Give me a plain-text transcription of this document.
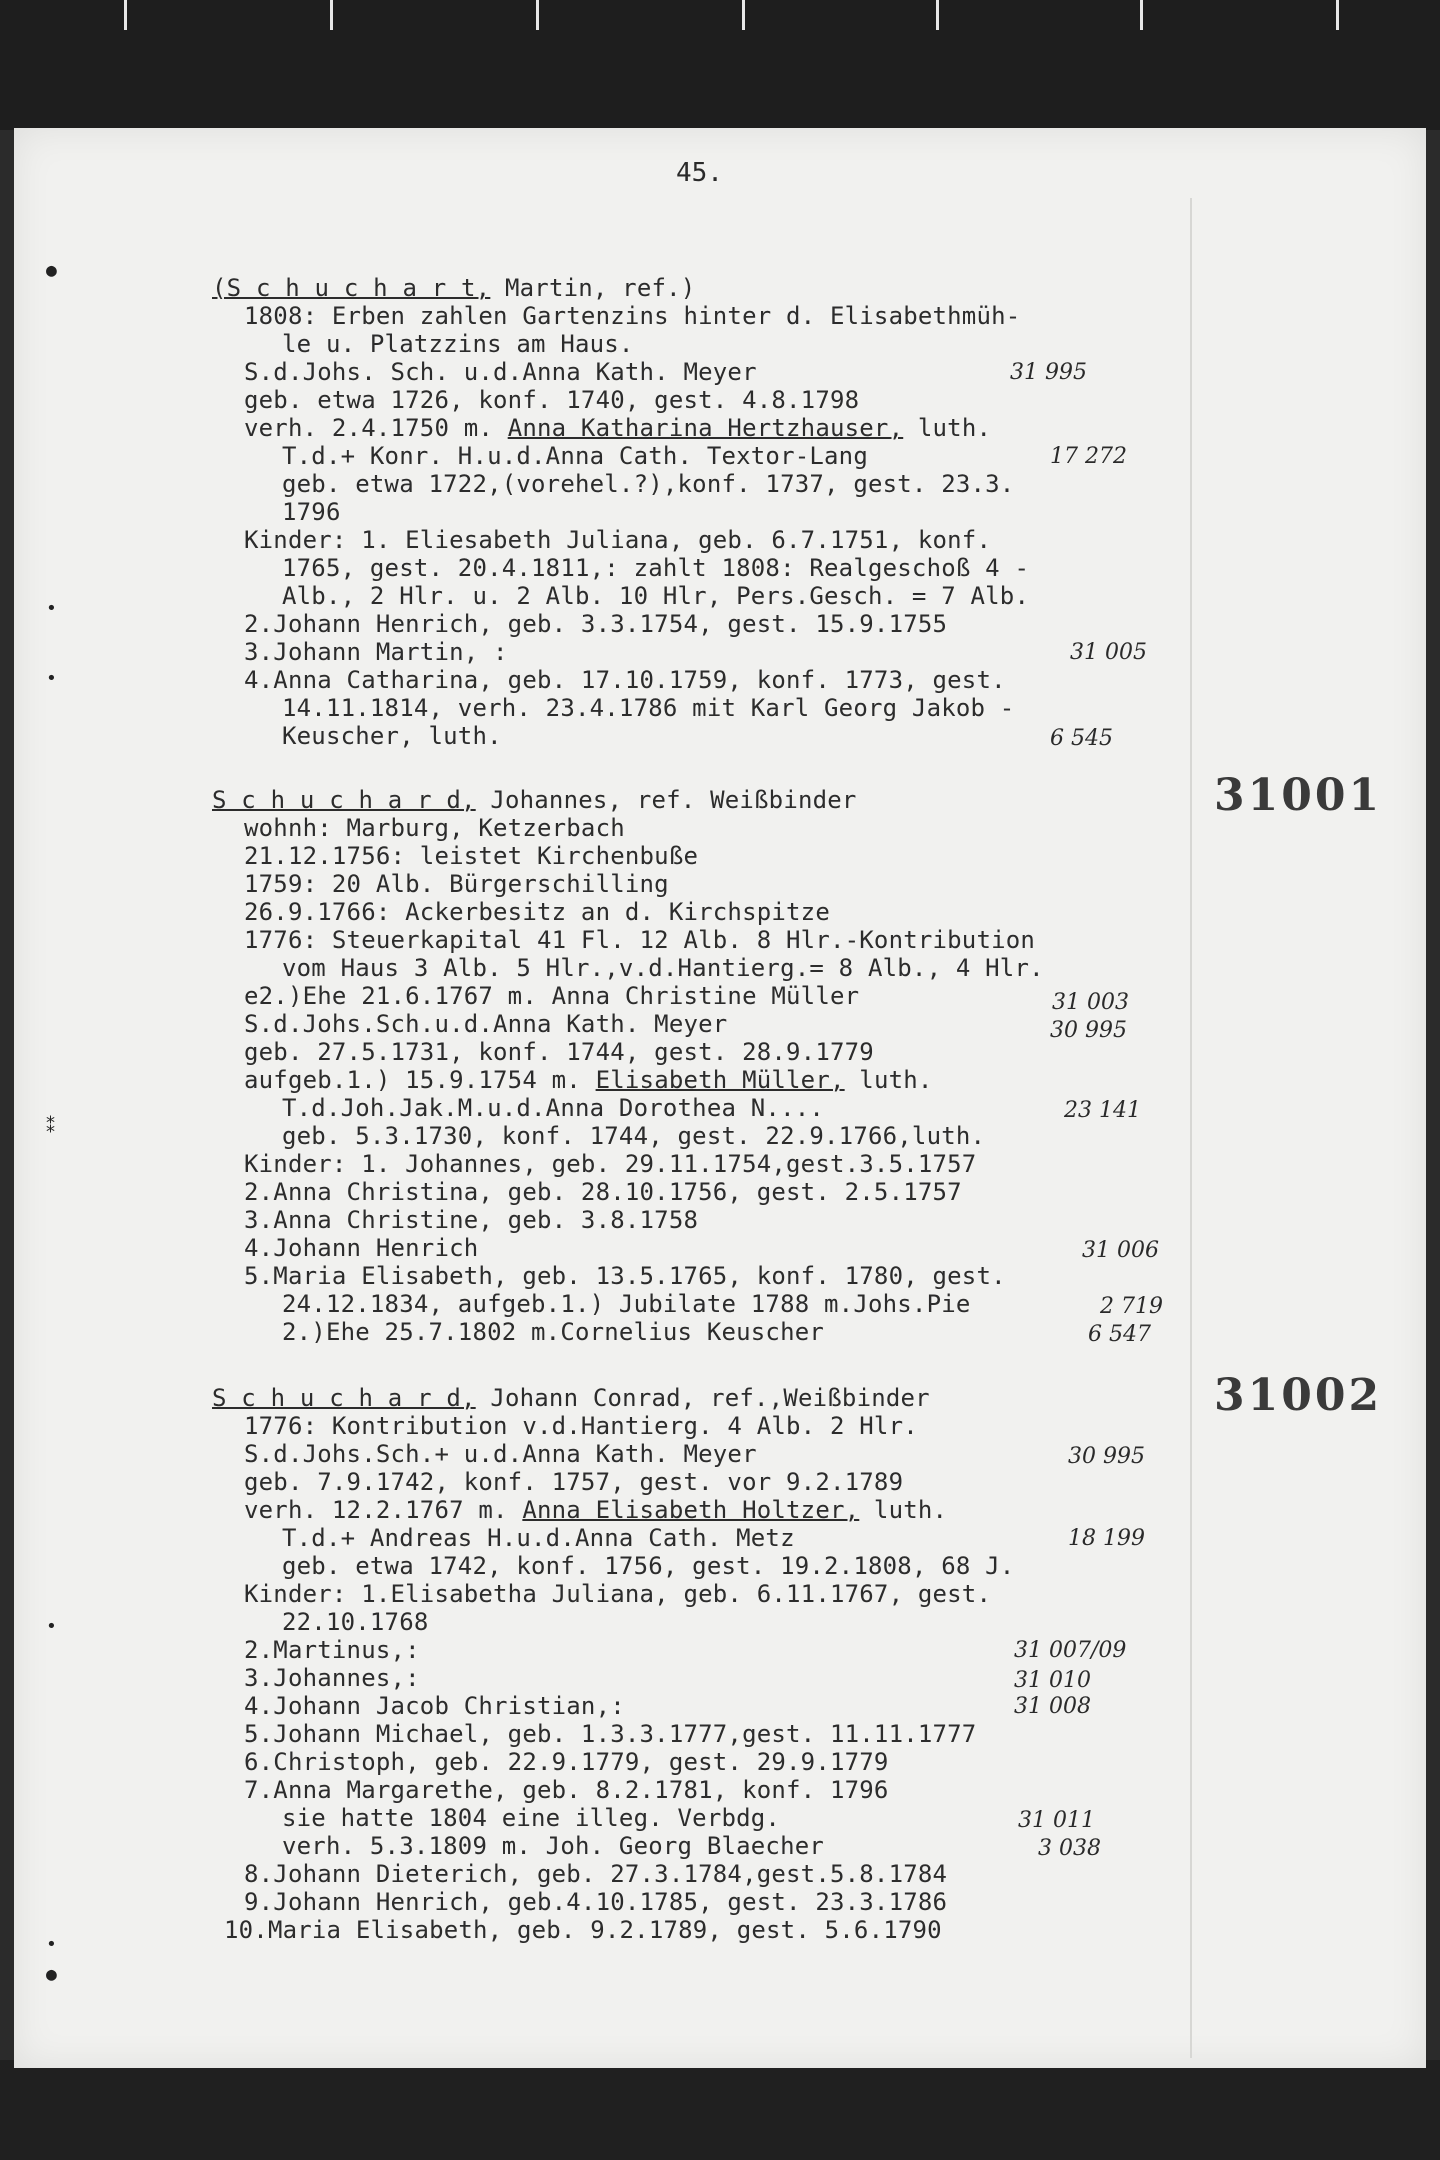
45.
●
•
•
⁑
•
•
●
(S c h u c h a r t, Martin, ref.)
1808: Erben zahlen Gartenzins hinter d. Elisabethmüh-
le u. Platzzins am Haus.
S.d.Johs. Sch. u.d.Anna Kath. Meyer
geb. etwa 1726, konf. 1740, gest. 4.8.1798
verh. 2.4.1750 m. Anna Katharina Hertzhauser, luth.
T.d.+ Konr. H.u.d.Anna Cath. Textor-Lang
geb. etwa 1722,(vorehel.?),konf. 1737, gest. 23.3.
1796
Kinder: 1. Eliesabeth Juliana, geb. 6.7.1751, konf.
1765, gest. 20.4.1811,: zahlt 1808: Realgeschoß 4 -
Alb., 2 Hlr. u. 2 Alb. 10 Hlr, Pers.Gesch. = 7 Alb.
2.Johann Henrich, geb. 3.3.1754, gest. 15.9.1755
3.Johann Martin, :
4.Anna Catharina, geb. 17.10.1759, konf. 1773, gest.
14.11.1814, verh. 23.4.1786 mit Karl Georg Jakob -
Keuscher, luth.
31 995
17 272
31 005
6 545
S c h u c h a r d, Johannes, ref. Weißbinder	31001
wohnh: Marburg, Ketzerbach
21.12.1756: leistet Kirchenbuße
1759: 20 Alb. Bürgerschilling
26.9.1766: Ackerbesitz an d. Kirchspitze
1776: Steuerkapital 41 Fl. 12 Alb. 8 Hlr.-Kontribution
vom Haus 3 Alb. 5 Hlr.,v.d.Hantierg.= 8 Alb., 4 Hlr.
e2.)Ehe 21.6.1767 m. Anna Christine Müller
S.d.Johs.Sch.u.d.Anna Kath. Meyer
geb. 27.5.1731, konf. 1744, gest. 28.9.1779
aufgeb.1.) 15.9.1754 m. Elisabeth Müller, luth.
T.d.Joh.Jak.M.u.d.Anna Dorothea N....
geb. 5.3.1730, konf. 1744, gest. 22.9.1766,luth.
Kinder: 1. Johannes, geb. 29.11.1754,gest.3.5.1757
2.Anna Christina, geb. 28.10.1756, gest. 2.5.1757
3.Anna Christine, geb. 3.8.1758
4.Johann Henrich
5.Maria Elisabeth, geb. 13.5.1765, konf. 1780, gest.
24.12.1834, aufgeb.1.) Jubilate 1788 m.Johs.Pie
2.)Ehe 25.7.1802 m.Cornelius Keuscher
31 003
30 995
23 141
31 006
2 719
6 547
S c h u c h a r d, Johann Conrad, ref.,Weißbinder	31002
1776: Kontribution v.d.Hantierg. 4 Alb. 2 Hlr.
S.d.Johs.Sch.+ u.d.Anna Kath. Meyer
geb. 7.9.1742, konf. 1757, gest. vor 9.2.1789
verh. 12.2.1767 m. Anna Elisabeth Holtzer, luth.
T.d.+ Andreas H.u.d.Anna Cath. Metz
geb. etwa 1742, konf. 1756, gest. 19.2.1808, 68 J.
Kinder: 1.Elisabetha Juliana, geb. 6.11.1767, gest.
22.10.1768
2.Martinus,:
3.Johannes,:
4.Johann Jacob Christian,:
5.Johann Michael, geb. 1.3.3.1777,gest. 11.11.1777
6.Christoph, geb. 22.9.1779, gest. 29.9.1779
7.Anna Margarethe, geb. 8.2.1781, konf. 1796
sie hatte 1804 eine illeg. Verbdg.
verh. 5.3.1809 m. Joh. Georg Blaecher
8.Johann Dieterich, geb. 27.3.1784,gest.5.8.1784
9.Johann Henrich, geb.4.10.1785, gest. 23.3.1786
10.Maria Elisabeth, geb. 9.2.1789, gest. 5.6.1790
30 995
18 199
31 007/09
31 010
31 008
31 011
3 038
